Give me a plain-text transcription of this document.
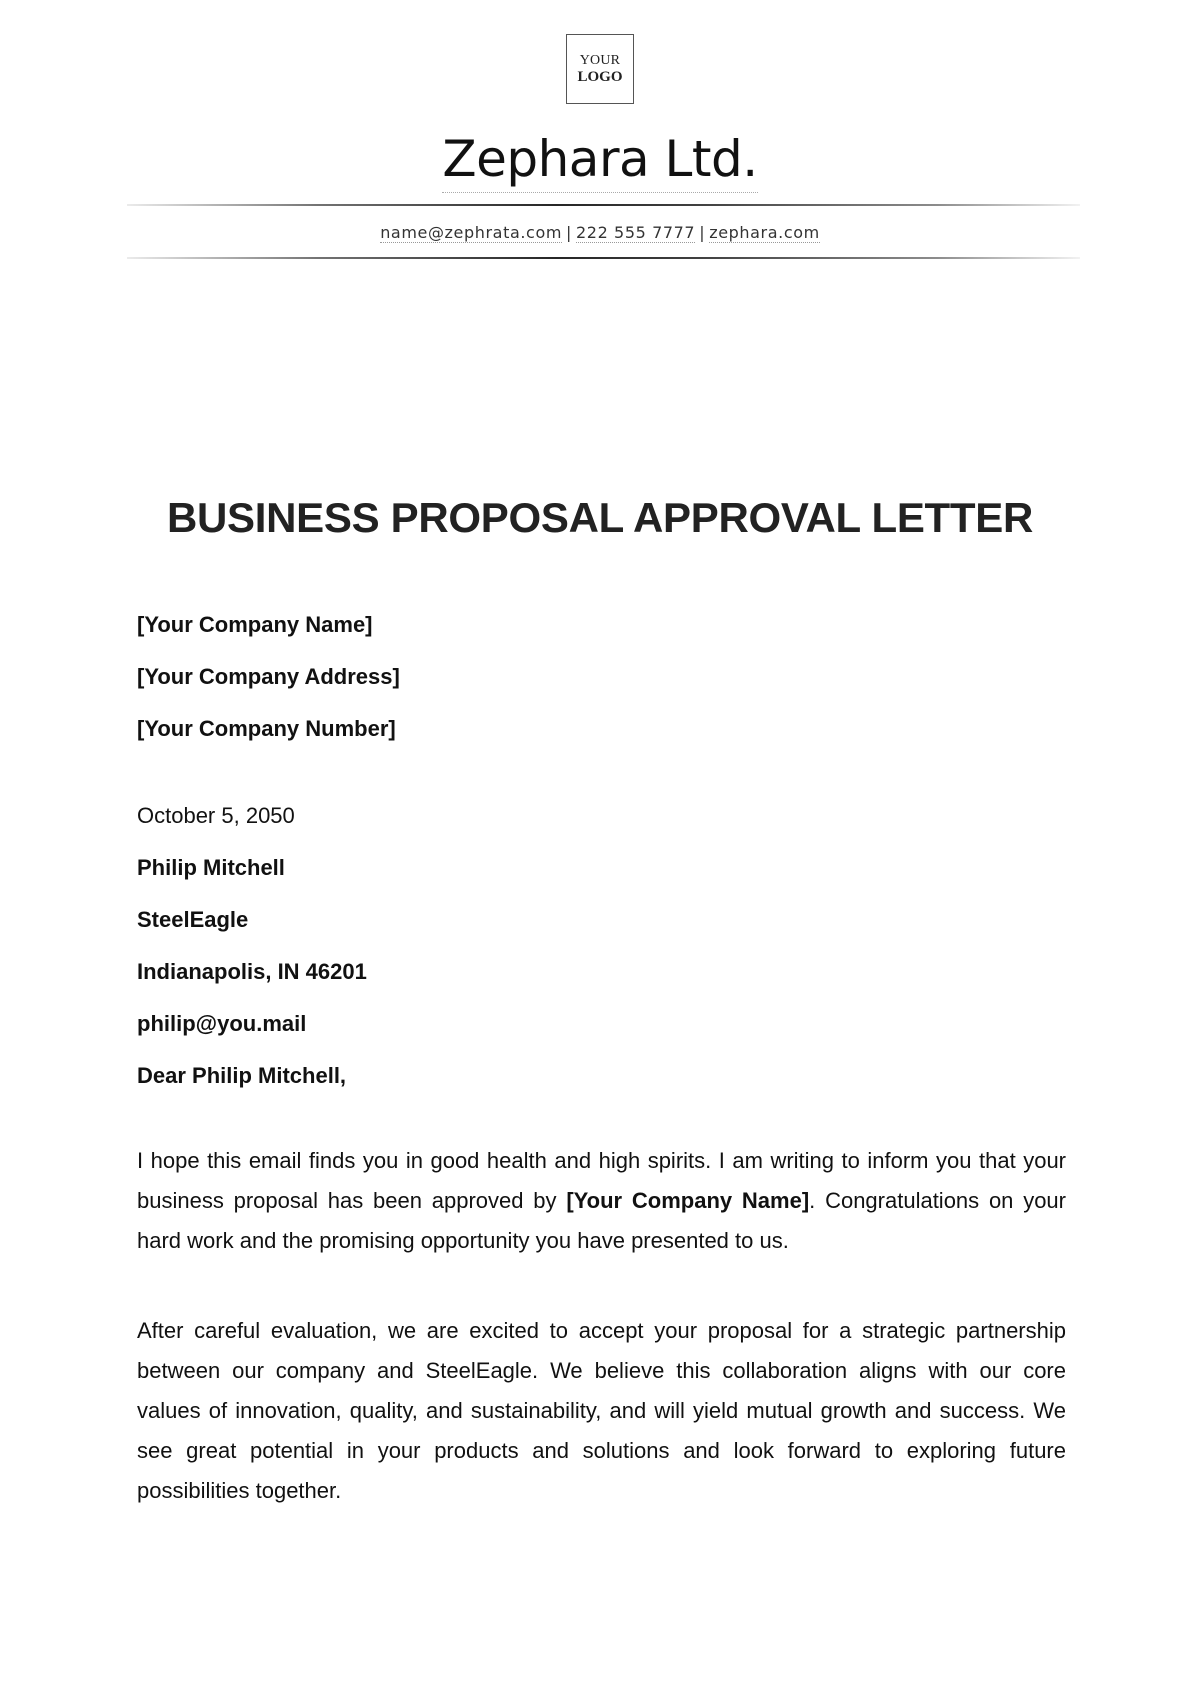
YOUR
LOGO
Zephara Ltd.
name@zephrata.com | 222 555 7777 | zephara.com
BUSINESS PROPOSAL APPROVAL LETTER
[Your Company Name]
[Your Company Address]
[Your Company Number]
October 5, 2050
Philip Mitchell
SteelEagle
Indianapolis, IN 46201
philip@you.mail
Dear Philip Mitchell,

I hope this email finds you in good health and high spirits. I am writing to inform you that your business proposal has been approved by [Your Company Name]. Congratulations on your hard work and the promising opportunity you have presented to us.

After careful evaluation, we are excited to accept your proposal for a strategic partnership between our company and SteelEagle. We believe this collaboration aligns with our core values of innovation, quality, and sustainability, and will yield mutual growth and success. We see great potential in your products and solutions and look forward to exploring future possibilities together.
